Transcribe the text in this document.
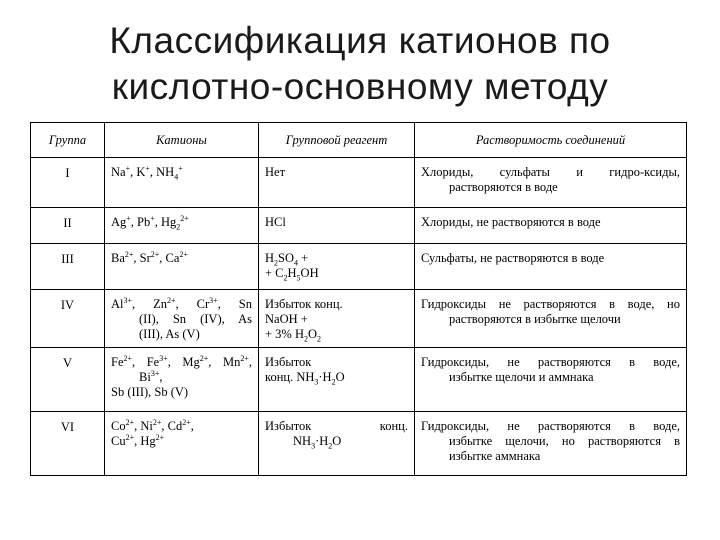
Классификация катионов по
кислотно-основному методу
Группа	Катионы	Групповой реагент	Растворимость соединений
I	Na+, K+, $NH_4^+$	Нет	Хлориды, сульфаты и гидро-ксиды,
растворяются в воде

II	Ag+, Pb+, $Hg_2^{2+}$	HCl	Хлориды, не растворяются в воде
III	$Ba^{2+}$, $Sr^{2+}$, $Ca^{2+}$	$H_2SO_4$ +
+ $C_2H_5OH$	Сульфаты, не растворяются в воде
IV	$Al^{3+}$, $Zn^{2+}$, $Cr^{3+}$, Sn
(II), Sn (IV), As
(III), As (V)	Избыток конц.
NaOH +
+ 3% $H_2O_2$	Гидроксиды не растворяются в воде, но
растворяются в избытке щелочи

V	$Fe^{2+}$, $Fe^{3+}$, $Mg^{2+}$, $Mn^{2+}$,
$Bi^{3+}$,
Sb (III), Sb (V)	Избыток
конц. $NH_3\cdot H_2O$	Гидроксиды, не растворяются в воде,
избытке щелочи и аммнака

VI	$Co^{2+}$, $Ni^{2+}$, $Cd^{2+}$,
$Cu^{2+}$, $Hg^{2+}$	Избыток конц.
$NH_3\cdot H_2O$	Гидроксиды, не растворяются в воде,
избытке щелочи, но растворяются в
избытке аммнака
